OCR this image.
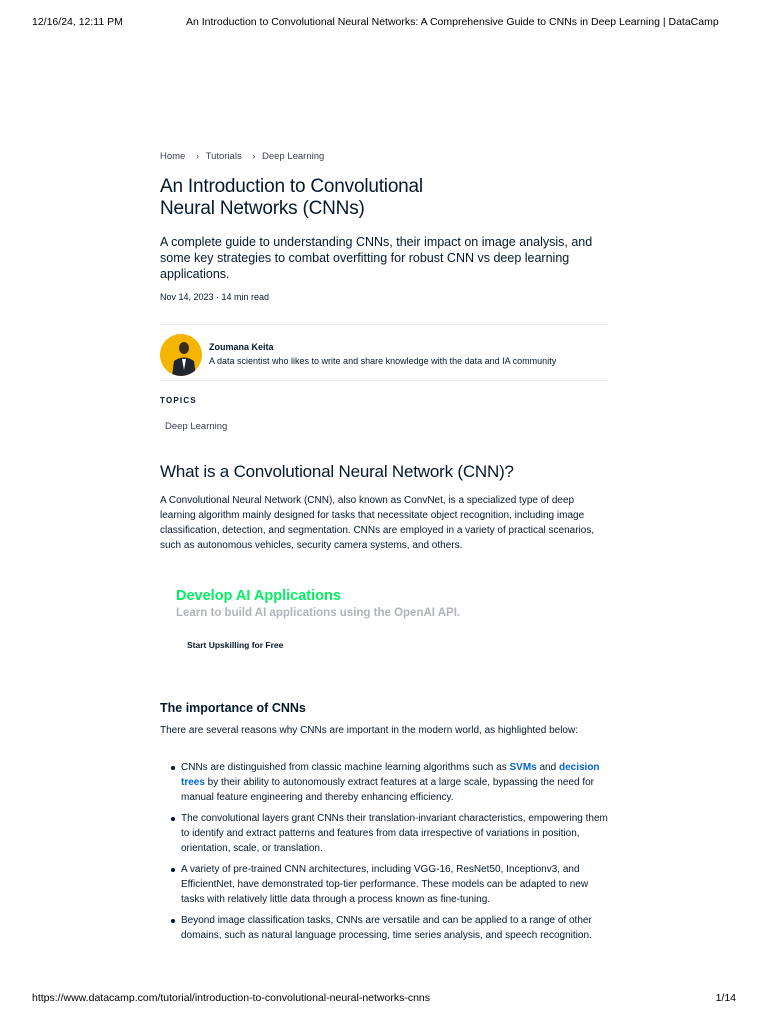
12/16/24, 12:11 PM	An Introduction to Convolutional Neural Networks: A Comprehensive Guide to CNNs in Deep Learning | DataCamp
Home › Tutorials › Deep Learning
An Introduction to Convolutional
Neural Networks (CNNs)

A complete guide to understanding CNNs, their impact on image analysis, and some key strategies to combat overfitting for robust CNN vs deep learning applications.

Nov 14, 2023 · 14 min read
Zoumana Keita
A data scientist who likes to write and share knowledge with the data and IA community
TOPICS
Deep Learning
What is a Convolutional Neural Network (CNN)?

A Convolutional Neural Network (CNN), also known as ConvNet, is a specialized type of deep learning algorithm mainly designed for tasks that necessitate object recognition, including image classification, detection, and segmentation. CNNs are employed in a variety of practical scenarios, such as autonomous vehicles, security camera systems, and others.

Develop AI Applications
Learn to build AI applications using the OpenAI API.
Start Upskilling for Free
The importance of CNNs

There are several reasons why CNNs are important in the modern world, as highlighted below:

CNNs are distinguished from classic machine learning algorithms such as SVMs and decision trees by their ability to autonomously extract features at a large scale, bypassing the need for manual feature engineering and thereby enhancing efficiency.
The convolutional layers grant CNNs their translation-invariant characteristics, empowering them to identify and extract patterns and features from data irrespective of variations in position, orientation, scale, or translation.
A variety of pre-trained CNN architectures, including VGG-16, ResNet50, Inceptionv3, and EfficientNet, have demonstrated top-tier performance. These models can be adapted to new tasks with relatively little data through a process known as fine-tuning.
Beyond image classification tasks, CNNs are versatile and can be applied to a range of other domains, such as natural language processing, time series analysis, and speech recognition.
https://www.datacamp.com/tutorial/introduction-to-convolutional-neural-networks-cnns	1/14
